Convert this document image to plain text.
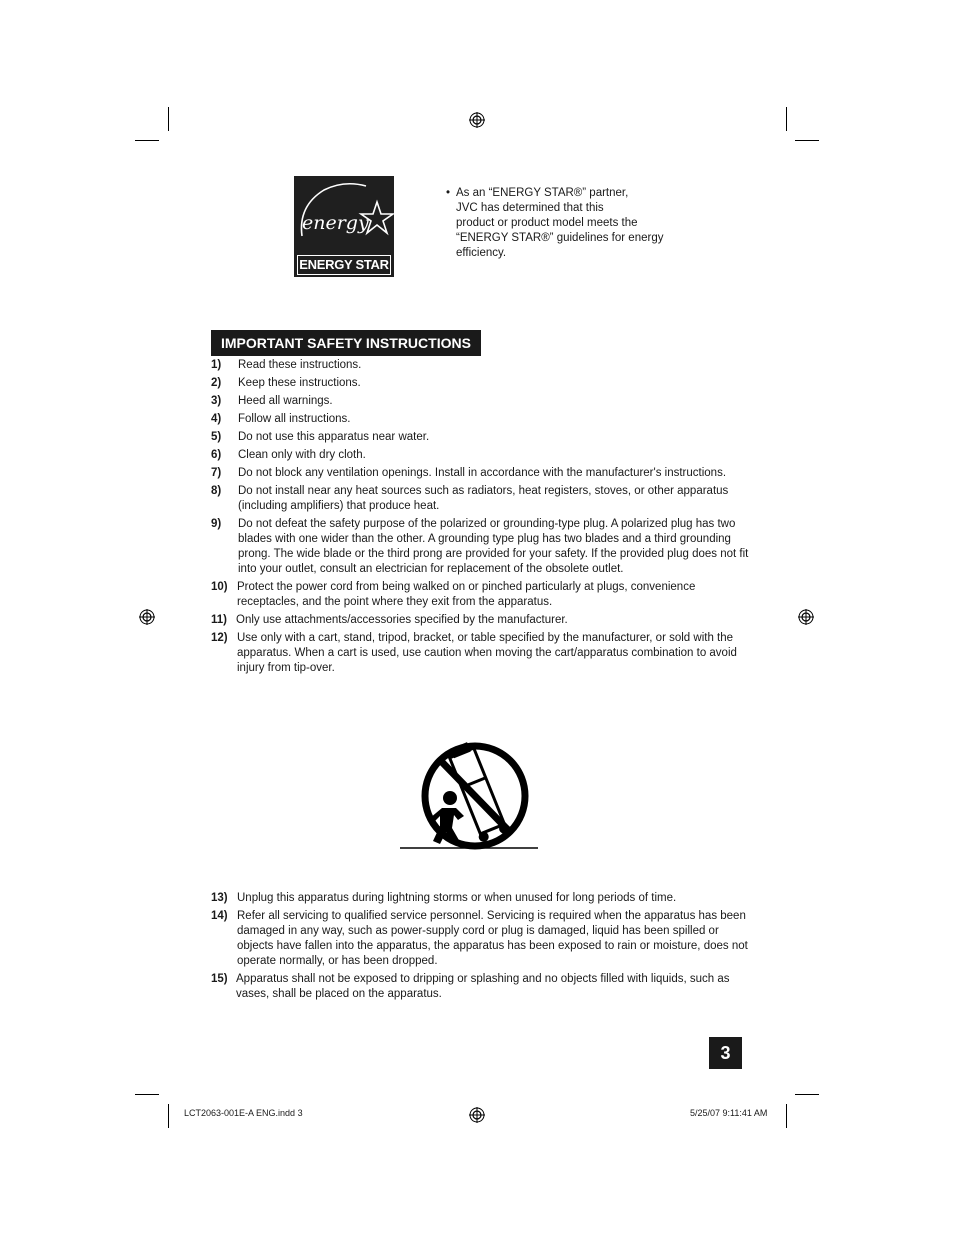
energy
ENERGY STAR
• As an “ENERGY STAR®” partner,
JVC has determined that this
product or product model meets the
“ENERGY STAR®” guidelines for energy
efficiency.
IMPORTANT SAFETY INSTRUCTIONS
1) Read these instructions.
2) Keep these instructions.
3) Heed all warnings.
4) Follow all instructions.
5) Do not use this apparatus near water.
6) Clean only with dry cloth.
7) Do not block any ventilation openings. Install in accordance with the manufacturer's instructions.
8) Do not install near any heat sources such as radiators, heat registers, stoves, or other apparatus (including amplifiers) that produce heat.
9) Do not defeat the safety purpose of the polarized or grounding-type plug. A polarized plug has two blades with one wider than the other. A grounding type plug has two blades and a third grounding prong. The wide blade or the third prong are provided for your safety. If the provided plug does not fit into your outlet, consult an electrician for replacement of the obsolete outlet.
10) Protect the power cord from being walked on or pinched particularly at plugs, convenience receptacles, and the point where they exit from the apparatus.
11) Only use attachments/accessories specified by the manufacturer.
12) Use only with a cart, stand, tripod, bracket, or table specified by the manufacturer, or sold with the apparatus. When a cart is used, use caution when moving the cart/apparatus combination to avoid injury from tip-over.
13) Unplug this apparatus during lightning storms or when unused for long periods of time.
14) Refer all servicing to qualified service personnel. Servicing is required when the apparatus has been damaged in any way, such as power-supply cord or plug is damaged, liquid has been spilled or objects have fallen into the apparatus, the apparatus has been exposed to rain or moisture, does not operate normally, or has been dropped.
15) Apparatus shall not be exposed to dripping or splashing and no objects filled with liquids, such as vases, shall be placed on the apparatus.
3
LCT2063-001E-A ENG.indd 3	5/25/07 9:11:41 AM
